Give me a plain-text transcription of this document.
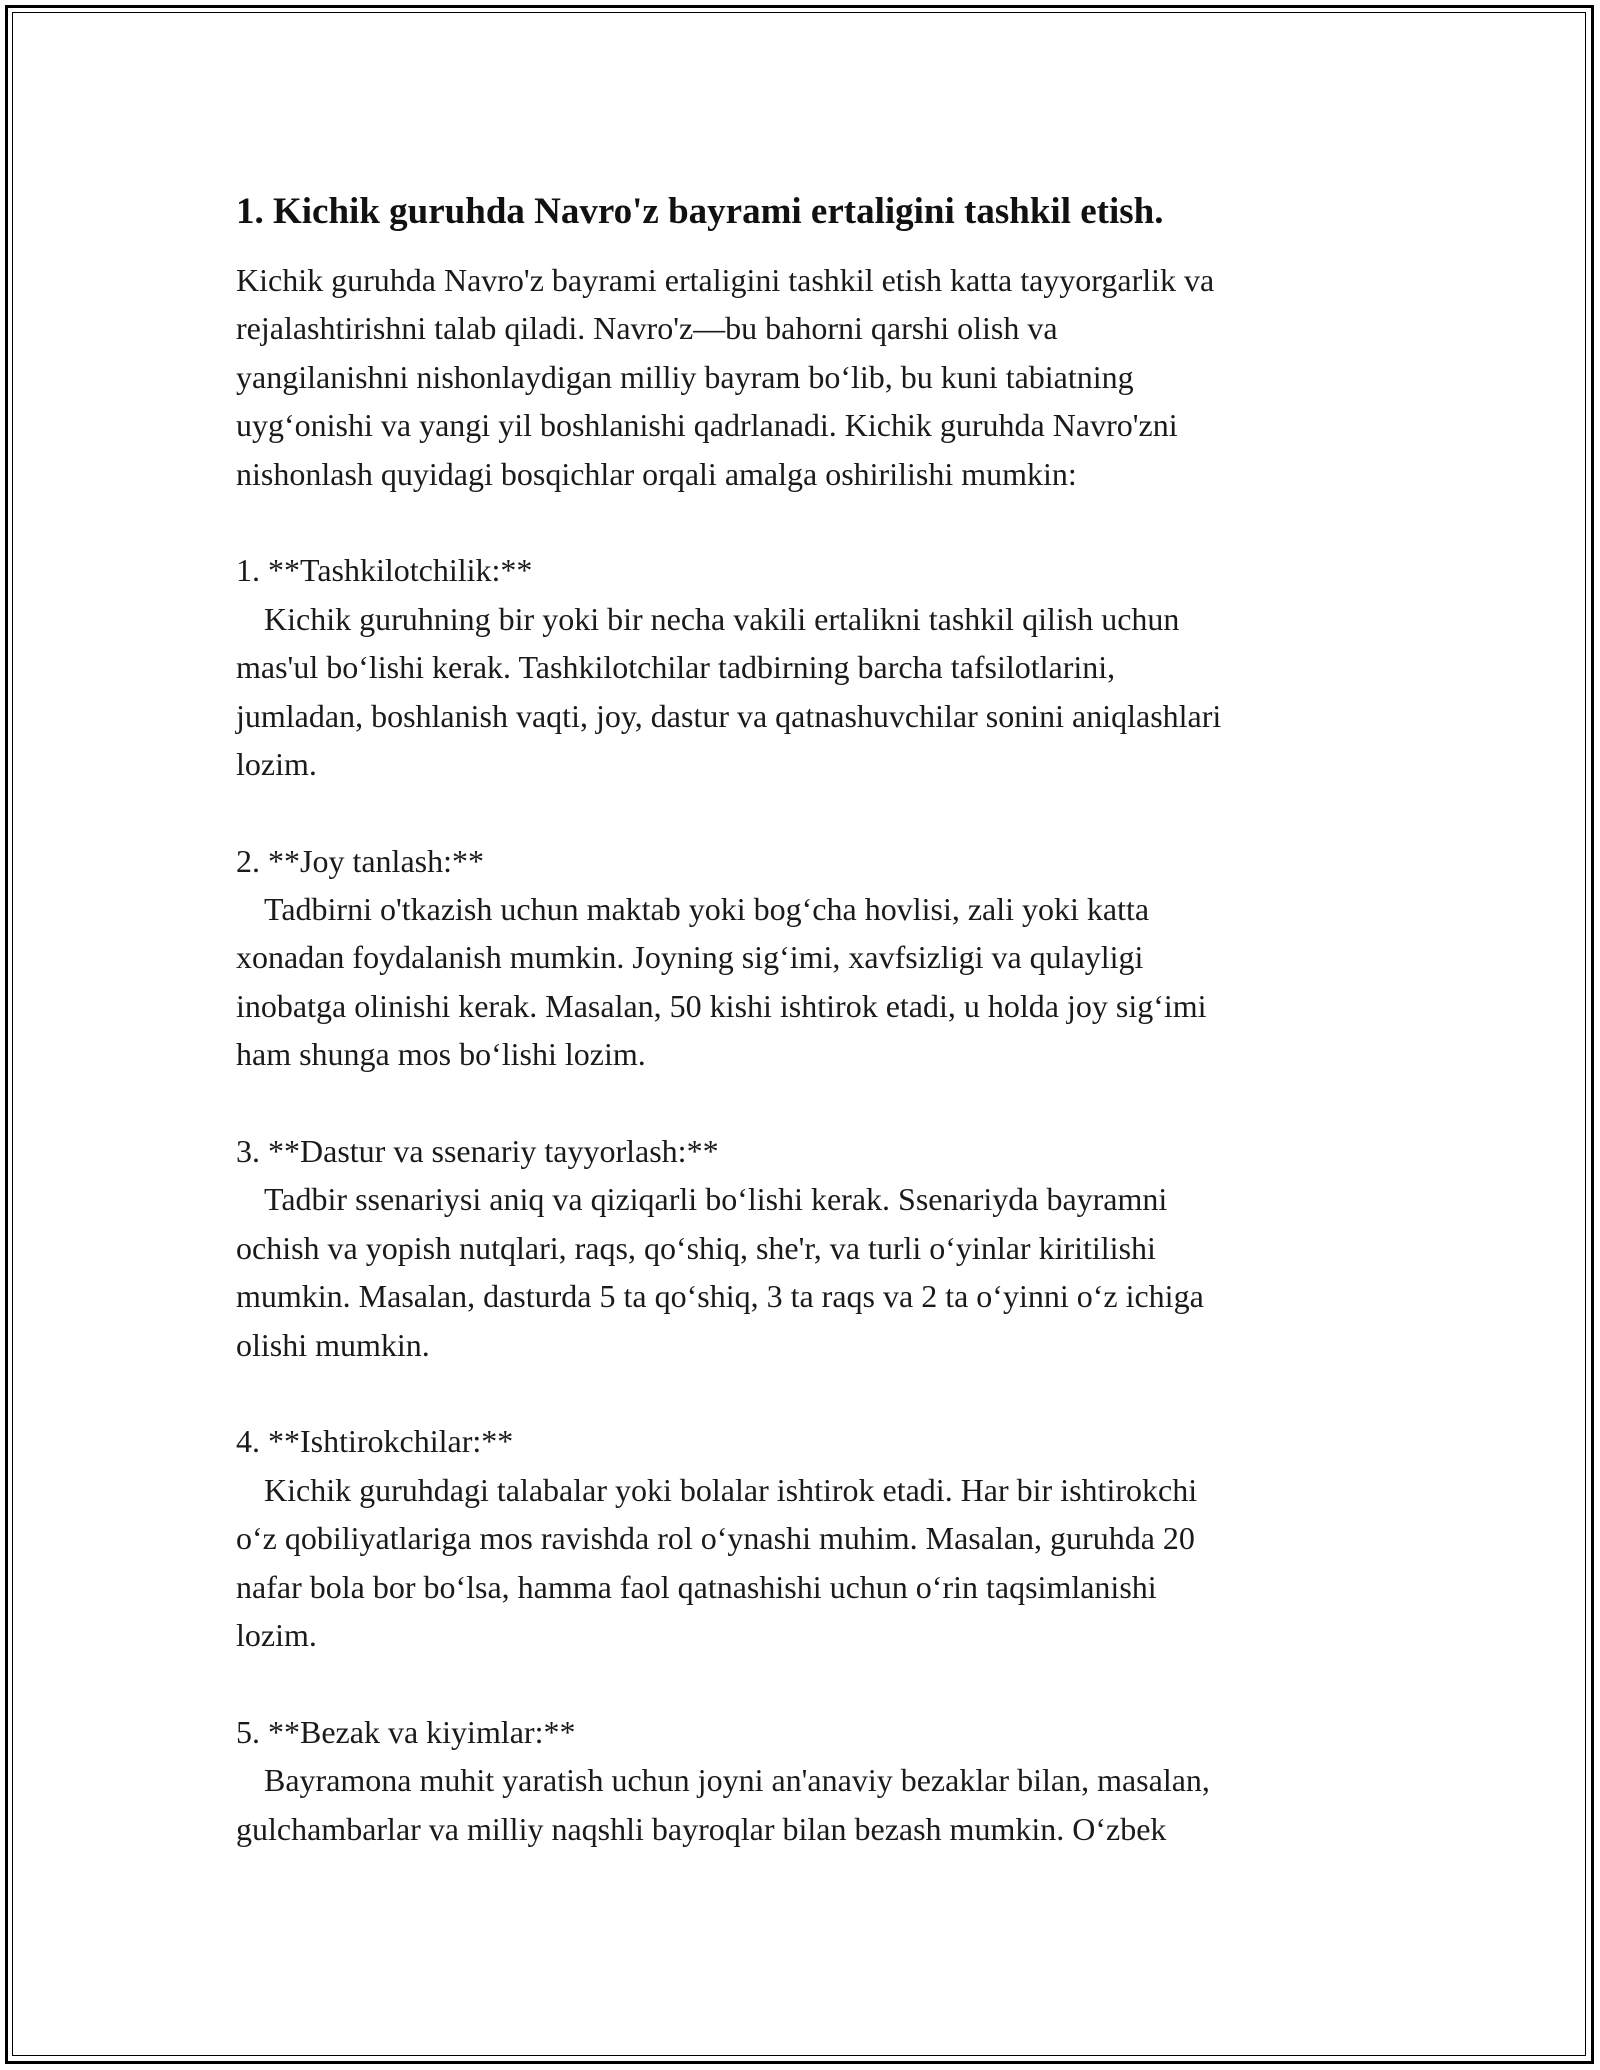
1. Kichik guruhda Navro'z bayrami ertaligini tashkil etish.
Kichik guruhda Navro'z bayrami ertaligini tashkil etish katta tayyorgarlik va
rejalashtirishni talab qiladi. Navro'z—bu bahorni qarshi olish va
yangilanishni nishonlaydigan milliy bayram bo‘lib, bu kuni tabiatning
uyg‘onishi va yangi yil boshlanishi qadrlanadi. Kichik guruhda Navro'zni
nishonlash quyidagi bosqichlar orqali amalga oshirilishi mumkin:
1. **Tashkilotchilik:**
Kichik guruhning bir yoki bir necha vakili ertalikni tashkil qilish uchun
mas'ul bo‘lishi kerak. Tashkilotchilar tadbirning barcha tafsilotlarini,
jumladan, boshlanish vaqti, joy, dastur va qatnashuvchilar sonini aniqlashlari
lozim.
2. **Joy tanlash:**
Tadbirni o'tkazish uchun maktab yoki bog‘cha hovlisi, zali yoki katta
xonadan foydalanish mumkin. Joyning sig‘imi, xavfsizligi va qulayligi
inobatga olinishi kerak. Masalan, 50 kishi ishtirok etadi, u holda joy sig‘imi
ham shunga mos bo‘lishi lozim.
3. **Dastur va ssenariy tayyorlash:**
Tadbir ssenariysi aniq va qiziqarli bo‘lishi kerak. Ssenariyda bayramni
ochish va yopish nutqlari, raqs, qo‘shiq, she'r, va turli o‘yinlar kiritilishi
mumkin. Masalan, dasturda 5 ta qo‘shiq, 3 ta raqs va 2 ta o‘yinni o‘z ichiga
olishi mumkin.
4. **Ishtirokchilar:**
Kichik guruhdagi talabalar yoki bolalar ishtirok etadi. Har bir ishtirokchi
o‘z qobiliyatlariga mos ravishda rol o‘ynashi muhim. Masalan, guruhda 20
nafar bola bor bo‘lsa, hamma faol qatnashishi uchun o‘rin taqsimlanishi
lozim.
5. **Bezak va kiyimlar:**
Bayramona muhit yaratish uchun joyni an'anaviy bezaklar bilan, masalan,
gulchambarlar va milliy naqshli bayroqlar bilan bezash mumkin. O‘zbek
